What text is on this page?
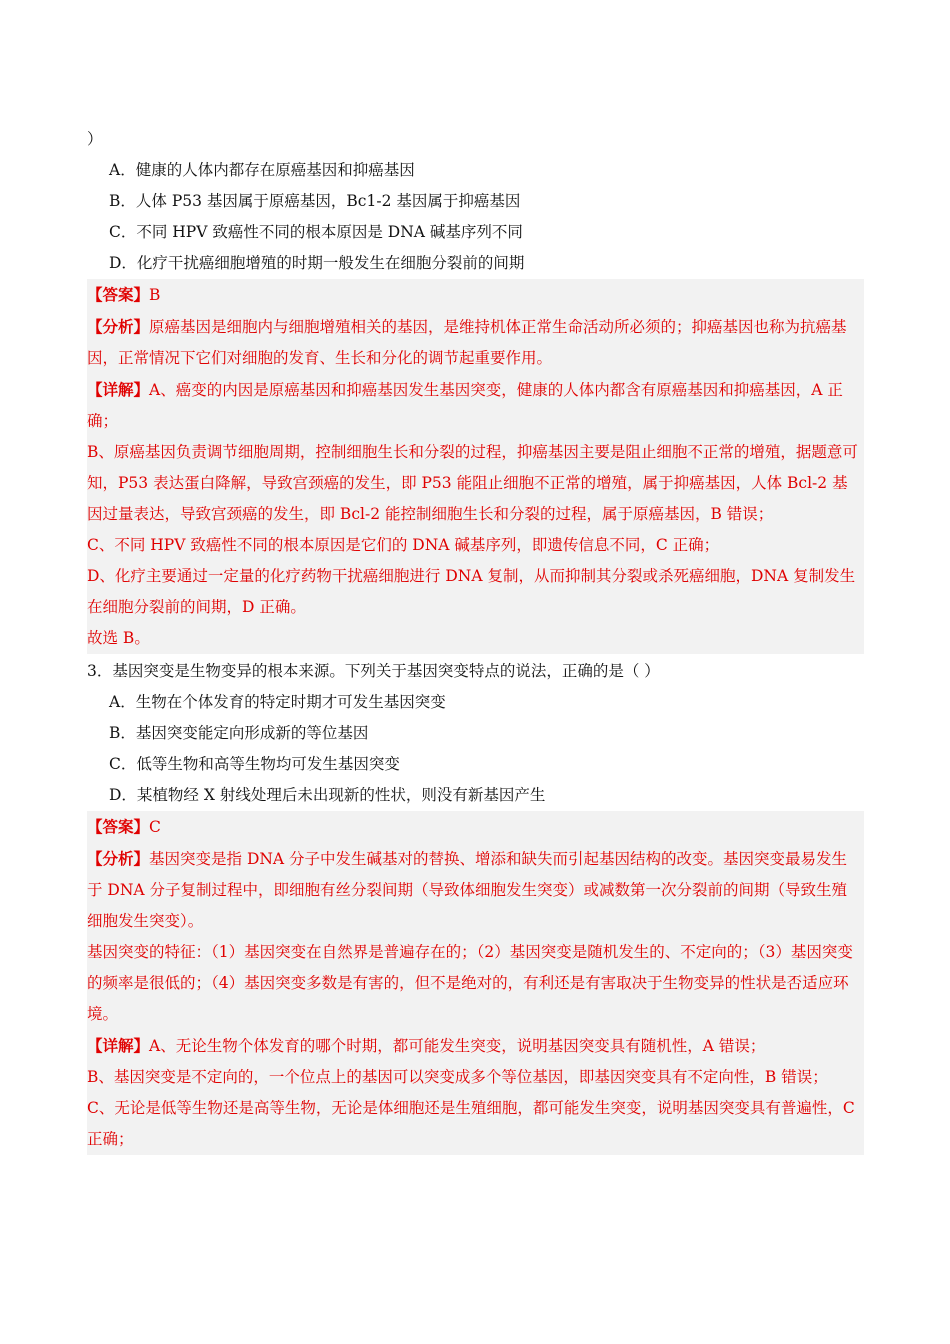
）
A．健康的人体内都存在原癌基因和抑癌基因
B．人体 P53 基因属于原癌基因，Bc1-2 基因属于抑癌基因
C．不同 HPV 致癌性不同的根本原因是 DNA 碱基序列不同
D．化疗干扰癌细胞增殖的时期一般发生在细胞分裂前的间期
【答案】B
【分析】原癌基因是细胞内与细胞增殖相关的基因，是维持机体正常生命活动所必须的；抑癌基因也称为抗癌基因，正常情况下它们对细胞的发育、生长和分化的调节起重要作用。
【详解】A、癌变的内因是原癌基因和抑癌基因发生基因突变，健康的人体内都含有原癌基因和抑癌基因，A 正确；
B、原癌基因负责调节细胞周期，控制细胞生长和分裂的过程，抑癌基因主要是阻止细胞不正常的增殖，据题意可知，P53 表达蛋白降解，导致宫颈癌的发生，即 P53 能阻止细胞不正常的增殖，属于抑癌基因，人体 Bcl-2 基因过量表达，导致宫颈癌的发生，即 Bcl-2 能控制细胞生长和分裂的过程，属于原癌基因，B 错误；
C、不同 HPV 致癌性不同的根本原因是它们的 DNA 碱基序列，即遗传信息不同，C 正确；
D、化疗主要通过一定量的化疗药物干扰癌细胞进行 DNA 复制，从而抑制其分裂或杀死癌细胞，DNA 复制发生在细胞分裂前的间期，D 正确。
故选 B。
3．基因突变是生物变异的根本来源。下列关于基因突变特点的说法，正确的是（ ）
A．生物在个体发育的特定时期才可发生基因突变
B．基因突变能定向形成新的等位基因
C．低等生物和高等生物均可发生基因突变
D．某植物经 X 射线处理后未出现新的性状，则没有新基因产生
【答案】C
【分析】基因突变是指 DNA 分子中发生碱基对的替换、增添和缺失而引起基因结构的改变。基因突变最易发生于 DNA 分子复制过程中，即细胞有丝分裂间期（导致体细胞发生突变）或减数第一次分裂前的间期（导致生殖细胞发生突变）。
基因突变的特征：（1）基因突变在自然界是普遍存在的；（2）基因突变是随机发生的、不定向的；（3）基因突变的频率是很低的；（4）基因突变多数是有害的，但不是绝对的，有利还是有害取决于生物变异的性状是否适应环境。
【详解】A、无论生物个体发育的哪个时期，都可能发生突变，说明基因突变具有随机性，A 错误；
B、基因突变是不定向的，一个位点上的基因可以突变成多个等位基因，即基因突变具有不定向性，B 错误；
C、无论是低等生物还是高等生物，无论是体细胞还是生殖细胞，都可能发生突变，说明基因突变具有普遍性，C 正确；
